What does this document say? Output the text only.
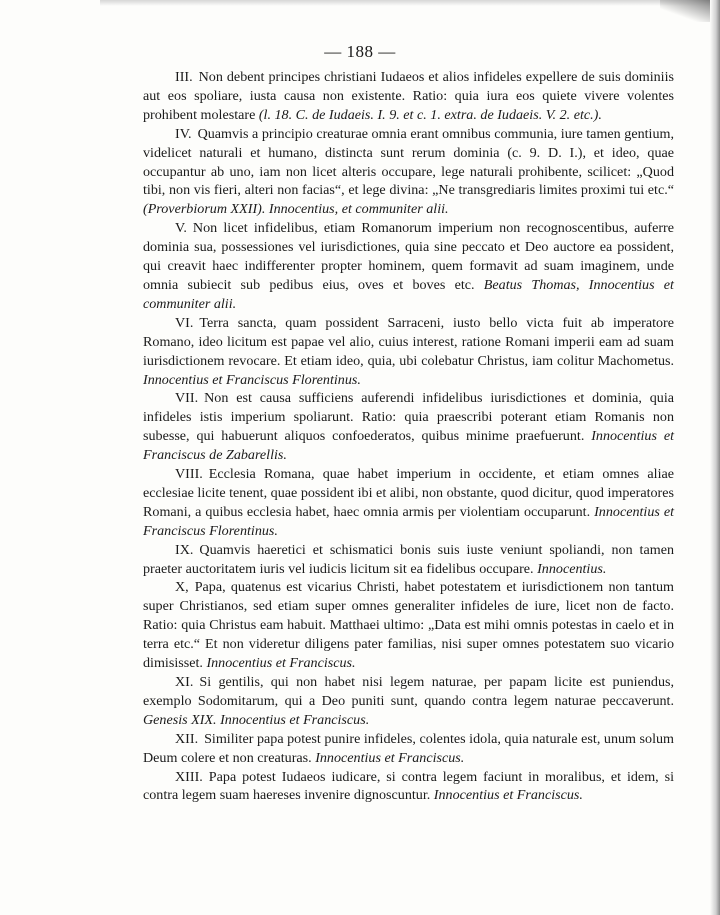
— 188 —

III. Non debent principes christiani Iudaeos et alios infideles expellere de suis dominiis aut eos spoliare, iusta causa non existente. Ratio: quia iura eos quiete vivere volentes prohibent molestare (l. 18. C. de Iudaeis. I. 9. et c. 1. extra. de Iudaeis. V. 2. etc.).

IV. Quamvis a principio creaturae omnia erant omnibus communia, iure tamen gentium, videlicet naturali et humano, distincta sunt rerum dominia (c. 9. D. I.), et ideo, quae occupantur ab uno, iam non licet alteris occupare, lege naturali prohibente, scilicet: „Quod tibi, non vis fieri, alteri non facias“, et lege divina: „Ne transgrediaris limites proximi tui etc.“ (Proverbiorum XXII). Innocentius, et communiter alii.

V. Non licet infidelibus, etiam Romanorum imperium non recognoscentibus, auferre dominia sua, possessiones vel iurisdictiones, quia sine peccato et Deo auctore ea possident, qui creavit haec indifferenter propter hominem, quem formavit ad suam imaginem, unde omnia subiecit sub pedibus eius, oves et boves etc. Beatus Thomas, Innocentius et communiter alii.

VI. Terra sancta, quam possident Sarraceni, iusto bello victa fuit ab imperatore Romano, ideo licitum est papae vel alio, cuius interest, ratione Romani imperii eam ad suam iurisdictionem revocare. Et etiam ideo, quia, ubi colebatur Christus, iam colitur Machometus. Innocentius et Franciscus Florentinus.

VII. Non est causa sufficiens auferendi infidelibus iurisdictiones et dominia, quia infideles istis imperium spoliarunt. Ratio: quia praescribi poterant etiam Romanis non subesse, qui habuerunt aliquos confoederatos, quibus minime praefuerunt. Innocentius et Franciscus de Zabarellis.

VIII. Ecclesia Romana, quae habet imperium in occidente, et etiam omnes aliae ecclesiae licite tenent, quae possident ibi et alibi, non obstante, quod dicitur, quod imperatores Romani, a quibus ecclesia habet, haec omnia armis per violentiam occuparunt. Innocentius et Franciscus Florentinus.

IX. Quamvis haeretici et schismatici bonis suis iuste veniunt spoliandi, non tamen praeter auctoritatem iuris vel iudicis licitum sit ea fidelibus occupare. Innocentius.

X, Papa, quatenus est vicarius Christi, habet potestatem et iurisdictionem non tantum super Christianos, sed etiam super omnes generaliter infideles de iure, licet non de facto. Ratio: quia Christus eam habuit. Matthaei ultimo: „Data est mihi omnis potestas in caelo et in terra etc.“ Et non videretur diligens pater familias, nisi super omnes potestatem suo vicario dimisisset. Innocentius et Franciscus.

XI. Si gentilis, qui non habet nisi legem naturae, per papam licite est puniendus, exemplo Sodomitarum, qui a Deo puniti sunt, quando contra legem naturae peccaverunt. Genesis XIX. Innocentius et Franciscus.

XII. Similiter papa potest punire infideles, colentes idola, quia naturale est, unum solum Deum colere et non creaturas. Innocentius et Franciscus.

XIII. Papa potest Iudaeos iudicare, si contra legem faciunt in moralibus, et idem, si contra legem suam haereses invenire dignoscuntur. Innocentius et Franciscus.
